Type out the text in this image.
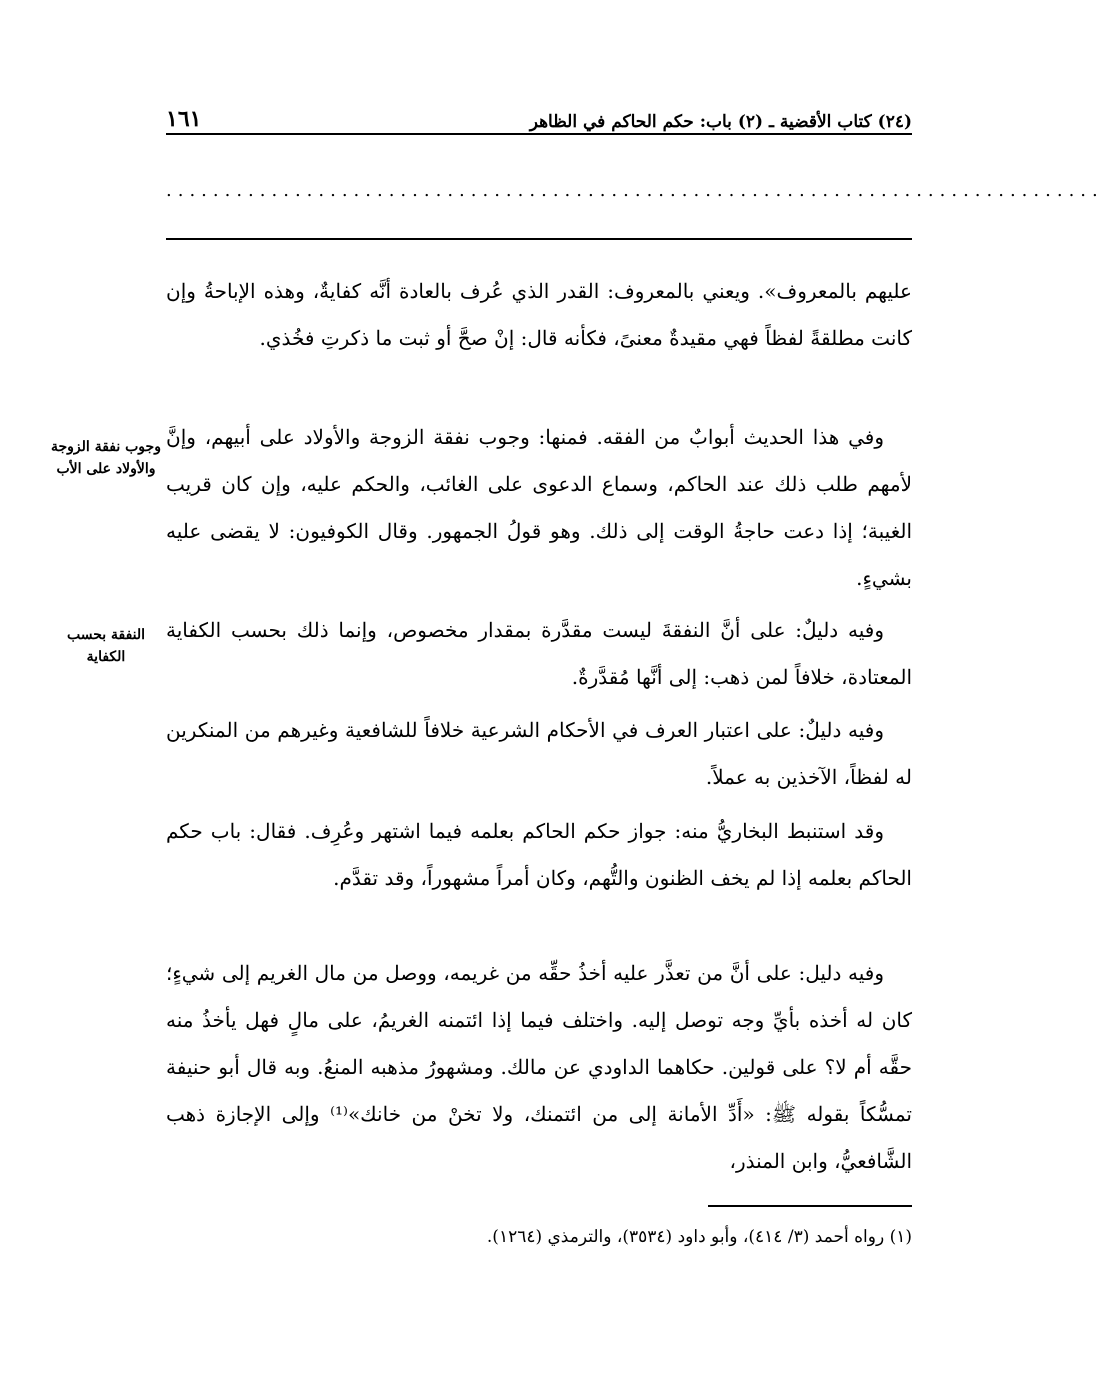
(٢٤) كتاب الأقضية ـ (٢) باب: حكم الحاكم في الظاهر
١٦١
................................................................................

عليهم بالمعروف». ويعني بالمعروف: القدر الذي عُرف بالعادة أنَّه كفايةٌ، وهذه الإباحةُ وإن كانت مطلقةً لفظاً فهي مقيدةٌ معنىً، فكأنه قال: إنْ صحَّ أو ثبت ما ذكرتِ فخُذي.

وفي هذا الحديث أبوابٌ من الفقه. فمنها: وجوب نفقة الزوجة والأولاد على أبيهم، وإنَّ لأمهم طلب ذلك عند الحاكم، وسماع الدعوى على الغائب، والحكم عليه، وإن كان قريب الغيبة؛ إذا دعت حاجةُ الوقت إلى ذلك. وهو قولُ الجمهور. وقال الكوفيون: لا يقضى عليه بشيءٍ.

وفيه دليلٌ: على أنَّ النفقةَ ليست مقدَّرة بمقدار مخصوص، وإنما ذلك بحسب الكفاية المعتادة، خلافاً لمن ذهب: إلى أنَّها مُقدَّرةٌ.

وفيه دليلٌ: على اعتبار العرف في الأحكام الشرعية خلافاً للشافعية وغيرهم من المنكرين له لفظاً، الآخذين به عملاً.

وقد استنبط البخاريُّ منه: جواز حكم الحاكم بعلمه فيما اشتهر وعُرِف. فقال: باب حكم الحاكم بعلمه إذا لم يخف الظنون والتُّهم، وكان أمراً مشهوراً، وقد تقدَّم.

وفيه دليل: على أنَّ من تعذَّر عليه أخذُ حقِّه من غريمه، ووصل من مال الغريم إلى شيءٍ؛ كان له أخذه بأيِّ وجه توصل إليه. واختلف فيما إذا ائتمنه الغريمُ، على مالٍ فهل يأخذُ منه حقَّه أم لا؟ على قولين. حكاهما الداودي عن مالك. ومشهورُ مذهبه المنعُ. وبه قال أبو حنيفة تمسُّكاً بقوله ﷺ: «أَدِّ الأمانة إلى من ائتمنك، ولا تخنْ من خانك»⁽¹⁾ وإلى الإجازة ذهب الشَّافعيُّ، وابن المنذر،

وجوب نفقة الزوجة والأولاد على الأب
النفقة بحسب الكفاية
(١) رواه أحمد (٣/ ٤١٤)، وأبو داود (٣٥٣٤)، والترمذي (١٢٦٤).
